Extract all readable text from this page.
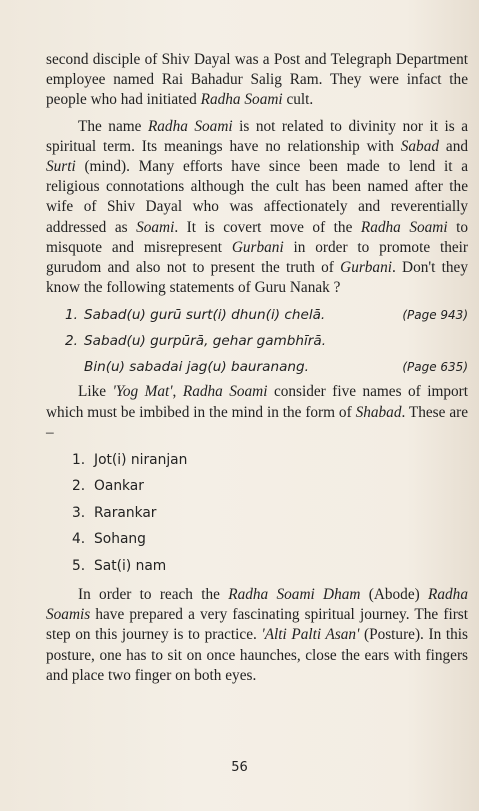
second disciple of Shiv Dayal was a Post and Telegraph Department employee named Rai Bahadur Salig Ram. They were infact the people who had initiated Radha Soami cult.

The name Radha Soami is not related to divinity nor it is a spiritual term. Its meanings have no relationship with Sabad and Surti (mind). Many efforts have since been made to lend it a religious connotations although the cult has been named after the wife of Shiv Dayal who was affectionately and reverentially addressed as Soami. It is covert move of the Radha Soami to misquote and misrepresent Gurbani in order to promote their gurudom and also not to present the truth of Gurbani. Don't they know the following statements of Guru Nanak ?

1. Sabad(u) gurū surt(i) dhun(i) chelā.	(Page 943)
2. Sabad(u) gurpūrā, gehar gambhīrā.
Bin(u) sabadai jag(u) bauranang.	(Page 635)

Like 'Yog Mat', Radha Soami consider five names of import which must be imbibed in the mind in the form of Shabad. These are –

1. Jot(i) niranjan
2. Oankar
3. Rarankar
4. Sohang
5. Sat(i) nam

In order to reach the Radha Soami Dham (Abode) Radha Soamis have prepared a very fascinating spiritual journey. The first step on this journey is to practice. 'Alti Palti Asan' (Posture). In this posture, one has to sit on once haunches, close the ears with fingers and place two finger on both eyes.

56
